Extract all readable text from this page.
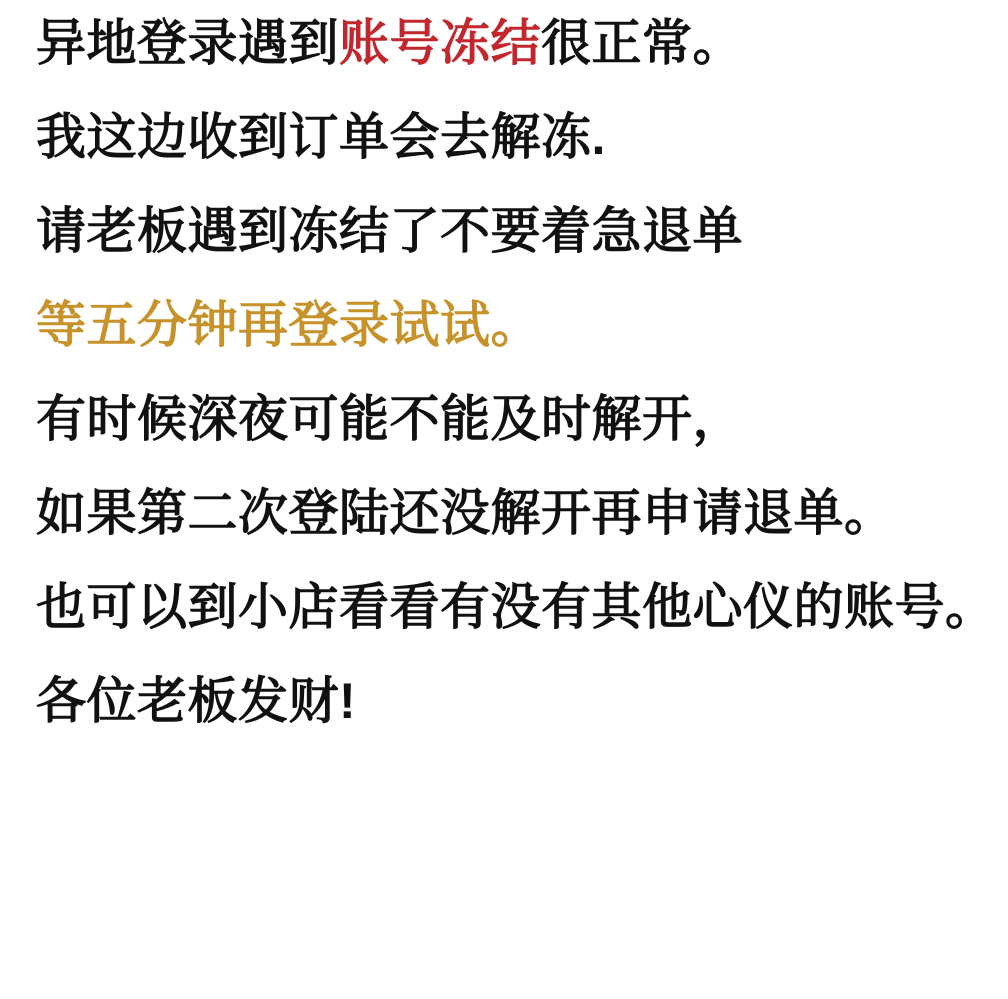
异地登录遇到账号冻结很正常。

我这边收到订单会去解冻.

请老板遇到冻结了不要着急退单

等五分钟再登录试试。

有时候深夜可能不能及时解开，

如果第二次登陆还没解开再申请退单。

也可以到小店看看有没有其他心仪的账号。

各位老板发财!
